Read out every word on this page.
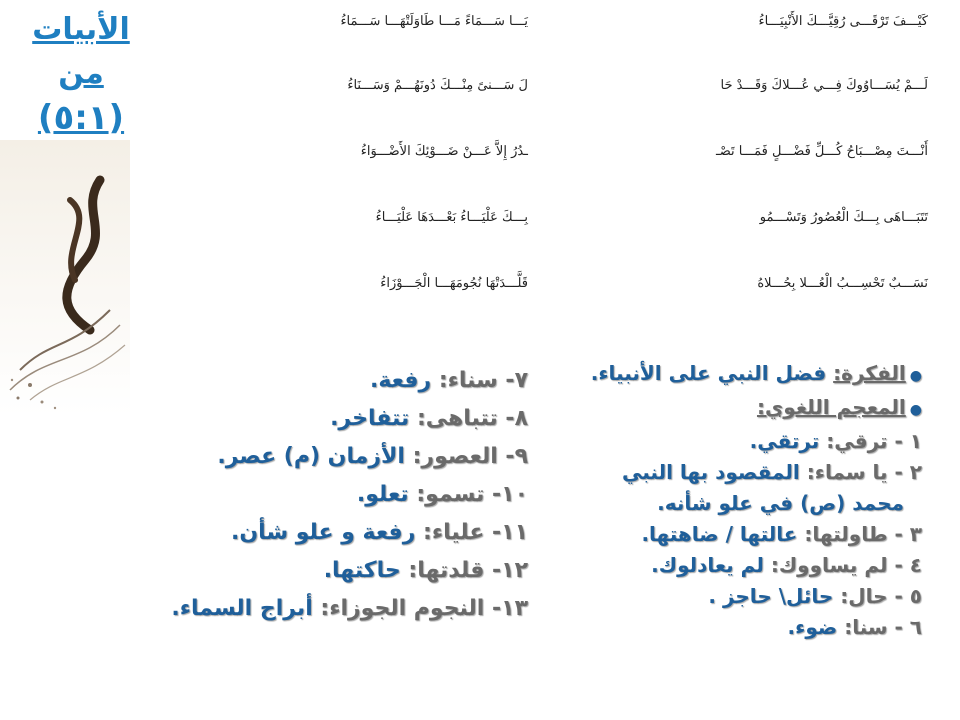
الأبيات من
(٥:١)
كَيْـــفَ تَرْقَـــى رُقِيَّـــكَ الأَنْبِيَـــاءُ
يَـــا سَـــمَاءً مَـــا طَاوَلَتْهَـــا سَـــمَاءُ
لَـــمْ يُسَـــاوُوكَ فِـــي عُـــلاكَ وَقَـــدْ حَا
لَ سَـــنىً مِنْـــكَ دُونَهُـــمْ وَسَـــنَاءُ
أَنْـــتَ مِصْـــبَاحُ كُـــلِّ فَضْـــلٍ فَمَـــا تَصْـ
ـدُرُ إِلاَّ عَـــنْ ضَـــوْئِكَ الأَضْـــوَاءُ
تَتَبَـــاهَى بِـــكَ الْعُصُورُ وَتَسْـــمُو
بِـــكَ عَلْيَـــاءُ بَعْـــدَهَا عَلْيَـــاءُ
نَسَـــبٌ تَحْسِـــبُ الْعُـــلا بِحُـــلاهُ
قَلَّـــدَتْهَا نُجُومَهَـــا الْجَـــوْزَاءُ
●الفكرة: فضل النبي على الأنبياء.
●المعجم اللغوي:
١ - ترقي: ترتقي.
٢ - يا سماء: المقصود بها النبي
محمد (ص) في علو شأنه.
٣ - طاولتها: عالتها / ضاهتها.
٤ - لم يساووك: لم يعادلوك.
٥ - حال: حائل\ حاجز .
٦ - سنا: ضوء.
٧- سناء: رفعة.
٨- تتباهى: تتفاخر.
٩- العصور: الأزمان (م) عصر.
١٠- تسمو: تعلو.
١١- علياء: رفعة و علو شأن.
١٢- قلدتها: حاكتها.
١٣- النجوم الجوزاء: أبراج السماء.
